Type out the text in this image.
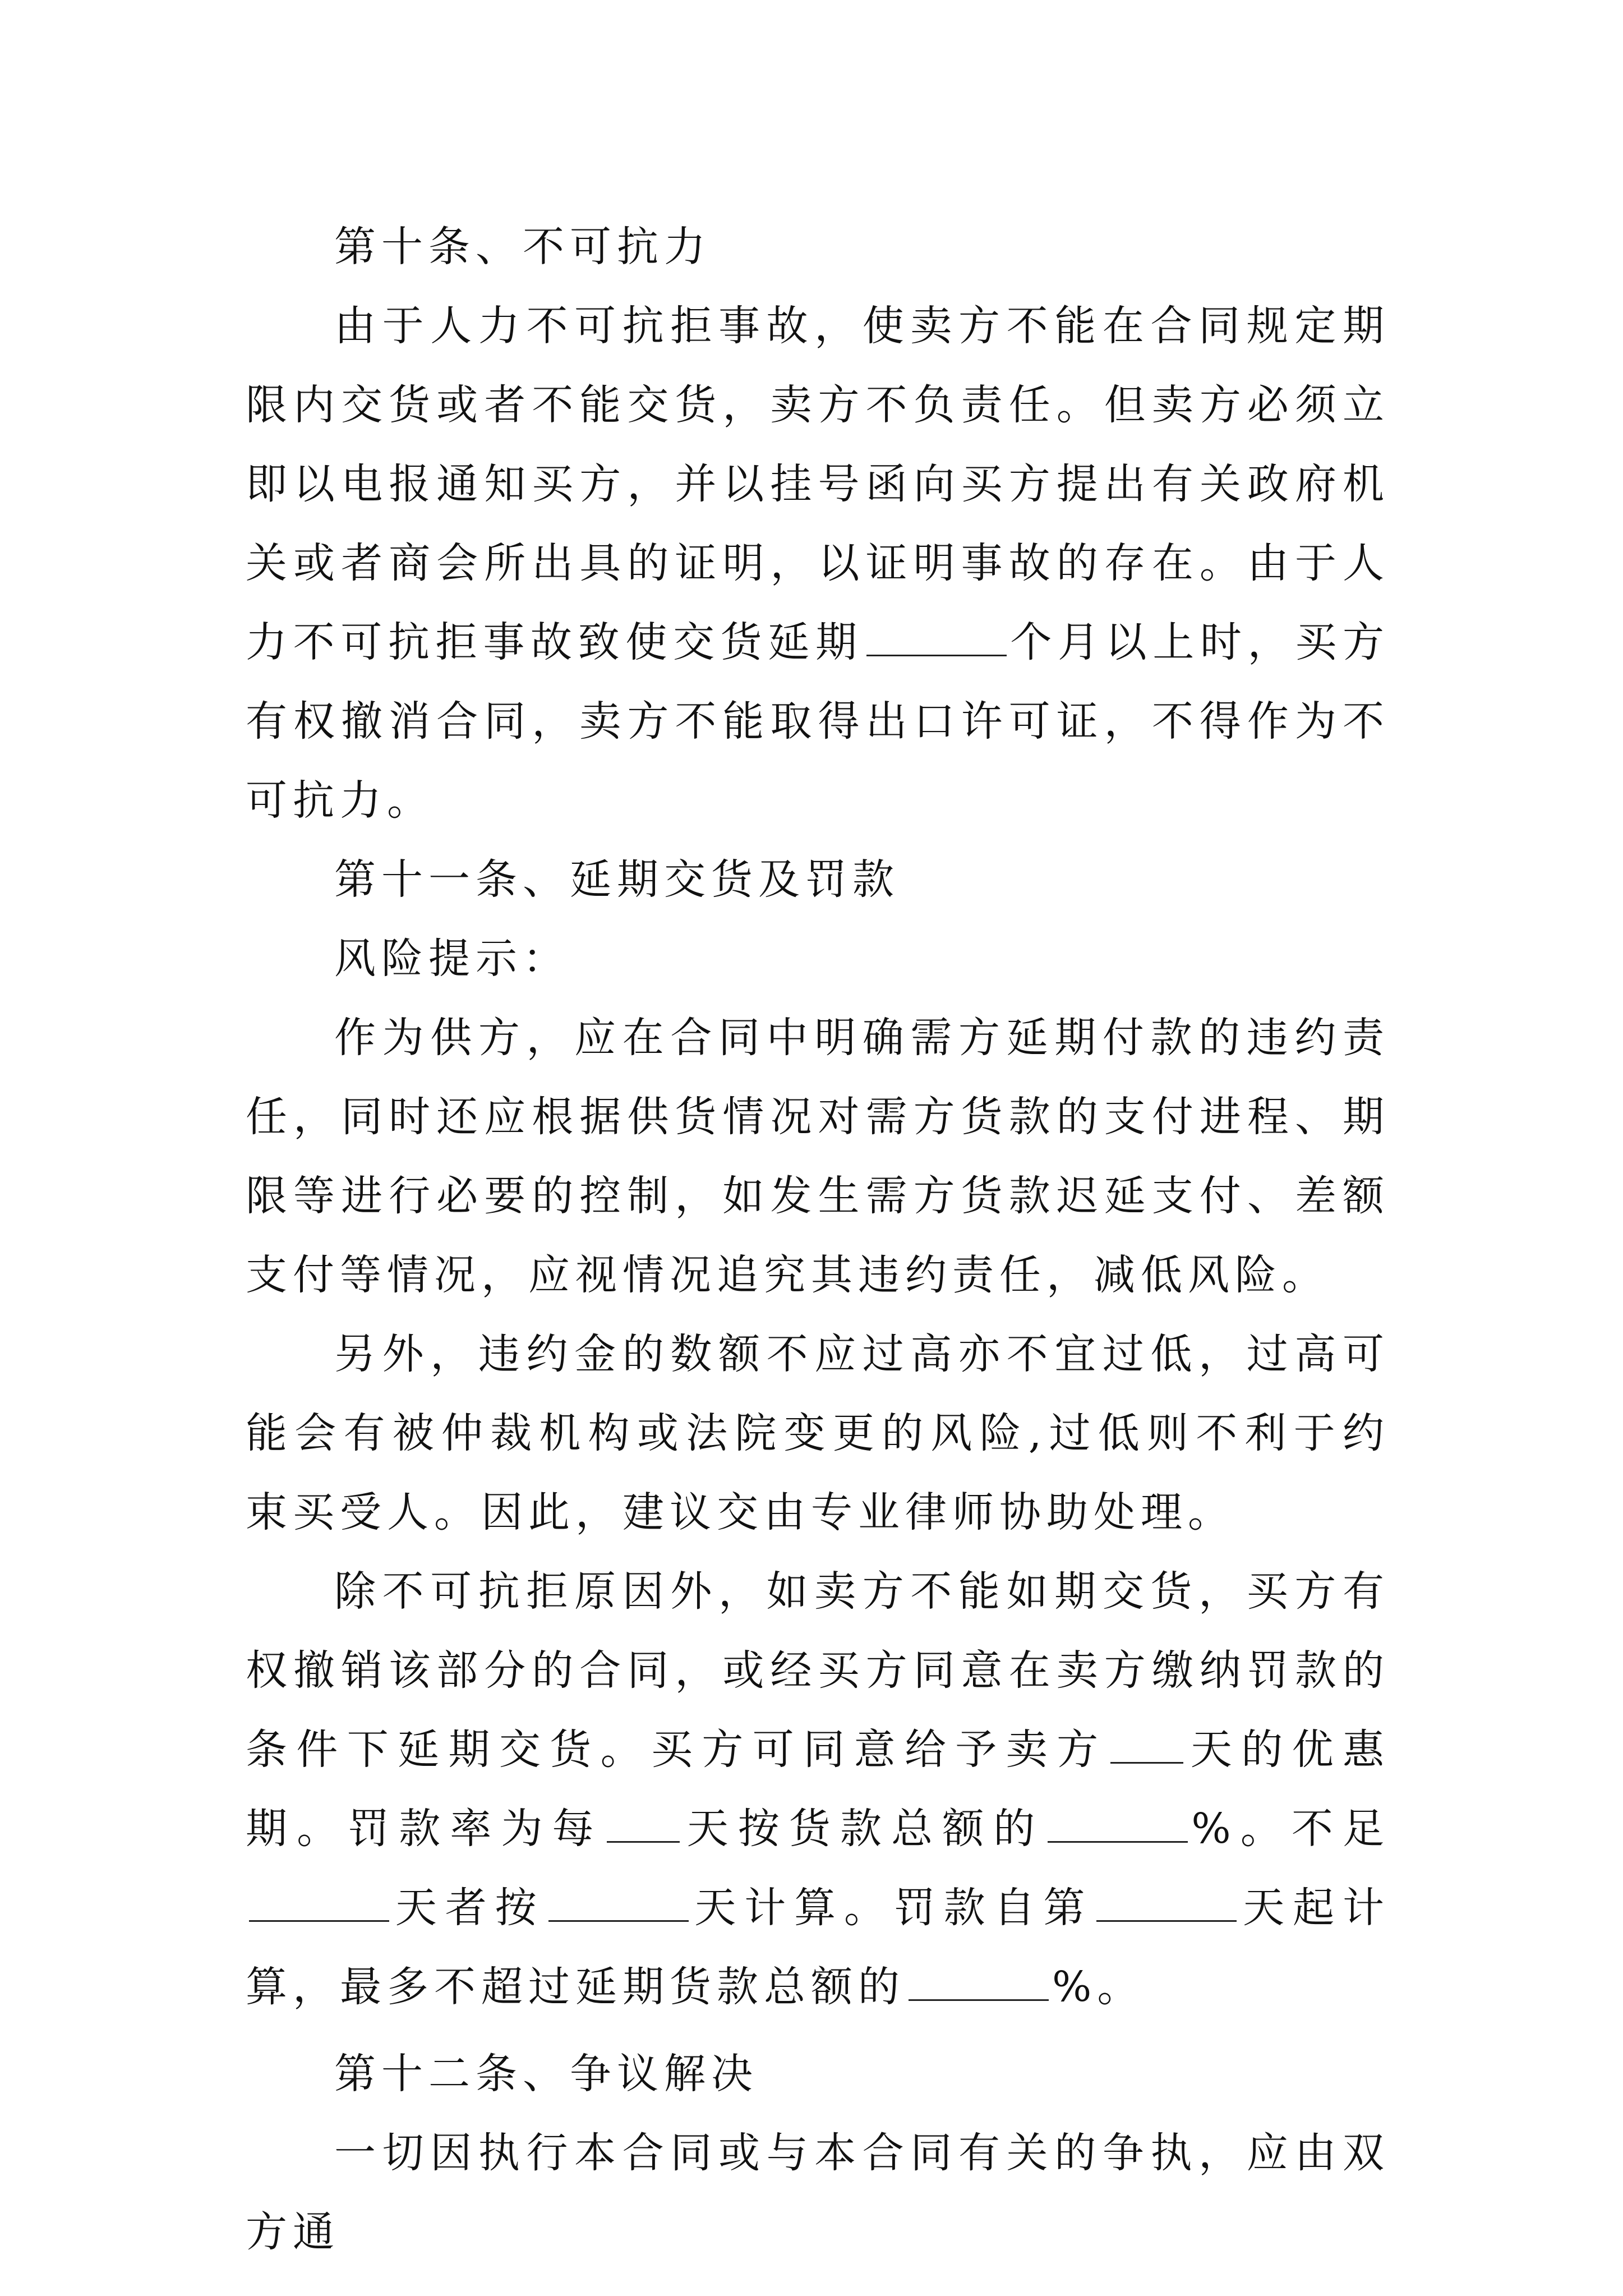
第十条、不可抗力

由于人力不可抗拒事故，使卖方不能在合同规定期限内交货或者不能交货，卖方不负责任。但卖方必须立即以电报通知买方，并以挂号函向买方提出有关政府机关或者商会所出具的证明，以证明事故的存在。由于人力不可抗拒事故致使交货延期	个月以上时，买方有权撤消合同，卖方不能取得出口许可证，不得作为不可抗力。

第十一条、延期交货及罚款

风险提示：

作为供方，应在合同中明确需方延期付款的违约责任，同时还应根据供货情况对需方货款的支付进程、期限等进行必要的控制，如发生需方货款迟延支付、差额支付等情况，应视情况追究其违约责任，减低风险。

另外，违约金的数额不应过高亦不宜过低，过高可能会有被仲裁机构或法院变更的风险,过低则不利于约束买受人。因此，建议交由专业律师协助处理。

除不可抗拒原因外，如卖方不能如期交货，买方有权撤销该部分的合同，或经买方同意在卖方缴纳罚款的条件下延期交货。买方可同意给予卖方 天的优惠期。罚款率为每 天按货款总额的	%。不足天者按	天计算。罚款自第	天起计算，最多不超过延期货款总额的	%。

第十二条、争议解决

一切因执行本合同或与本合同有关的争执，应由双方通
